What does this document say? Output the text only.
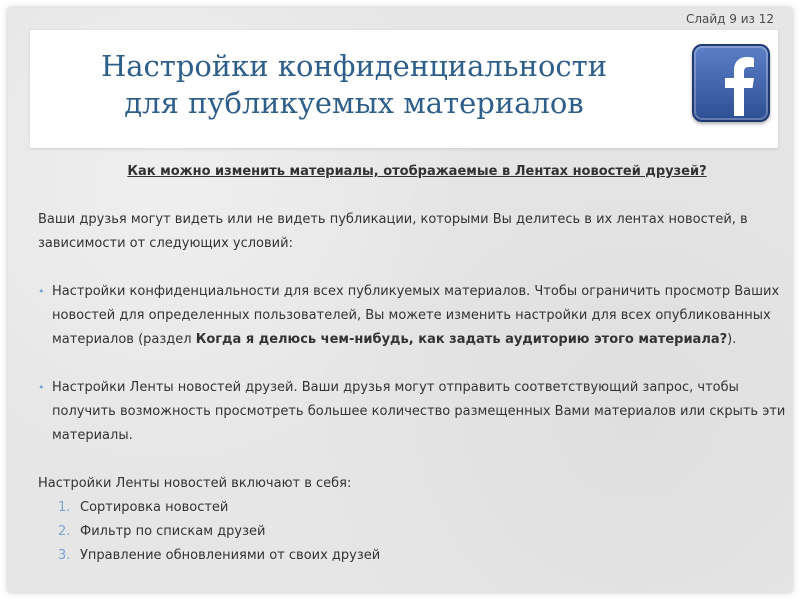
Слайд 9 из 12
Настройки конфиденциальности
для публикуемых материалов

Как можно изменить материалы, отображаемые в Лентах новостей друзей?

Ваши друзья могут видеть или не видеть публикации, которыми Вы делитесь в их лентах новостей, в зависимости от следующих условий:

• Настройки конфиденциальности для всех публикуемых материалов. Чтобы ограничить просмотр Ваших новостей для определенных пользователей, Вы можете изменить настройки для всех опубликованных материалов (раздел Когда я делюсь чем-нибудь, как задать аудиторию этого материала?).
• Настройки Ленты новостей друзей. Ваши друзья могут отправить соответствующий запрос, чтобы получить возможность просмотреть большее количество размещенных Вами материалов или скрыть эти материалы.

Настройки Ленты новостей включают в себя:

1. Сортировка новостей
2. Фильтр по спискам друзей
3. Управление обновлениями от своих друзей
